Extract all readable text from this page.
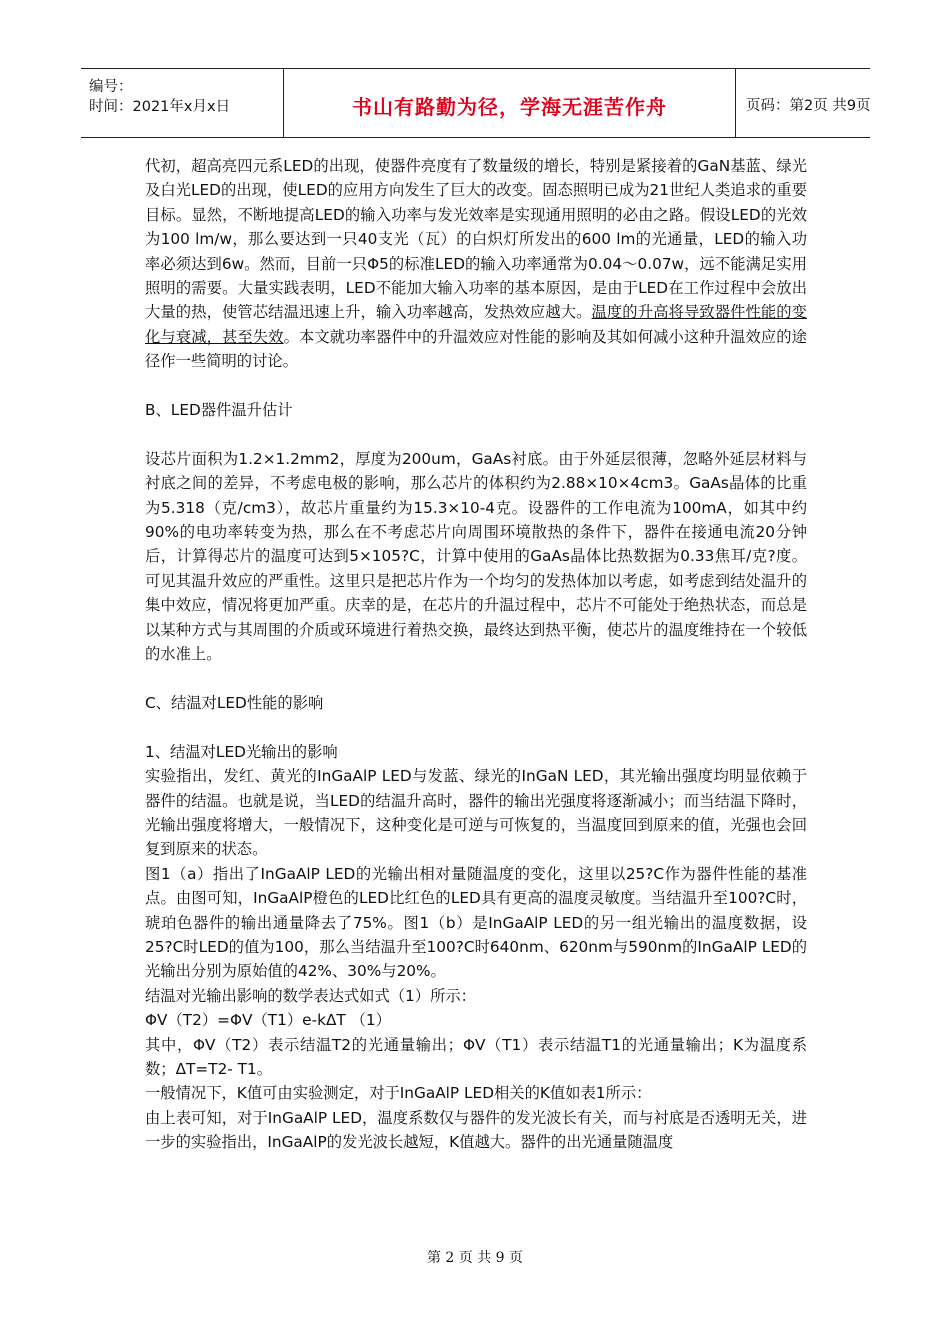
编号：
时间：2021年x月x日	书山有路勤为径，学海无涯苦作舟	页码：第2页 共9页

代初，超高亮四元系LED的出现，使器件亮度有了数量级的增长，特别是紧接着的GaN基蓝、绿光及白光LED的出现，使LED的应用方向发生了巨大的改变。固态照明已成为21世纪人类追求的重要目标。显然，不断地提高LED的输入功率与发光效率是实现通用照明的必由之路。假设LED的光效为100 lm/w，那么要达到一只40支光（瓦）的白炽灯所发出的600 lm的光通量，LED的输入功率必须达到6w。然而，目前一只Φ5的标准LED的输入功率通常为0.04～0.07w，远不能满足实用照明的需要。大量实践表明，LED不能加大输入功率的基本原因，是由于LED在工作过程中会放出大量的热，使管芯结温迅速上升，输入功率越高，发热效应越大。温度的升高将导致器件性能的变化与衰减，甚至失效。本文就功率器件中的升温效应对性能的影响及其如何减小这种升温效应的途径作一些简明的讨论。

B、LED器件温升估计

设芯片面积为1.2×1.2mm2，厚度为200um，GaAs衬底。由于外延层很薄，忽略外延层材料与衬底之间的差异，不考虑电极的影响，那么芯片的体积约为2.88×10×4cm3。GaAs晶体的比重为5.318（克/cm3），故芯片重量约为15.3×10-4克。设器件的工作电流为100mA，如其中约90%的电功率转变为热，那么在不考虑芯片向周围环境散热的条件下，器件在接通电流20分钟后，计算得芯片的温度可达到5×105?C，计算中使用的GaAs晶体比热数据为0.33焦耳/克?度。可见其温升效应的严重性。这里只是把芯片作为一个均匀的发热体加以考虑，如考虑到结处温升的集中效应，情况将更加严重。庆幸的是，在芯片的升温过程中，芯片不可能处于绝热状态，而总是以某种方式与其周围的介质或环境进行着热交换，最终达到热平衡，使芯片的温度维持在一个较低的水准上。

C、结温对LED性能的影响

1、结温对LED光输出的影响

实验指出，发红、黄光的InGaAlP LED与发蓝、绿光的InGaN LED，其光输出强度均明显依赖于器件的结温。也就是说，当LED的结温升高时，器件的输出光强度将逐渐减小；而当结温下降时，光输出强度将增大，一般情况下，这种变化是可逆与可恢复的，当温度回到原来的值，光强也会回复到原来的状态。

图1（a）指出了InGaAlP LED的光输出相对量随温度的变化，这里以25?C作为器件性能的基准点。由图可知，InGaAlP橙色的LED比红色的LED具有更高的温度灵敏度。当结温升至100?C时，琥珀色器件的输出通量降去了75%。图1（b）是InGaAlP LED的另一组光输出的温度数据，设25?C时LED的值为100，那么当结温升至100?C时640nm、620nm与590nm的InGaAlP LED的光输出分别为原始值的42%、30%与20%。

结温对光输出影响的数学表达式如式（1）所示：

ΦV（T2）=ΦV（T1）e-kΔT （1）

其中，ΦV（T2）表示结温T2的光通量输出；ΦV（T1）表示结温T1的光通量输出；K为温度系数；ΔT=T2- T1。

一般情况下，K值可由实验测定，对于InGaAlP LED相关的K值如表1所示：

由上表可知，对于InGaAlP LED，温度系数仅与器件的发光波长有关，而与衬底是否透明无关，进一步的实验指出，InGaAlP的发光波长越短，K值越大。器件的出光通量随温度

第 2 页 共 9 页
